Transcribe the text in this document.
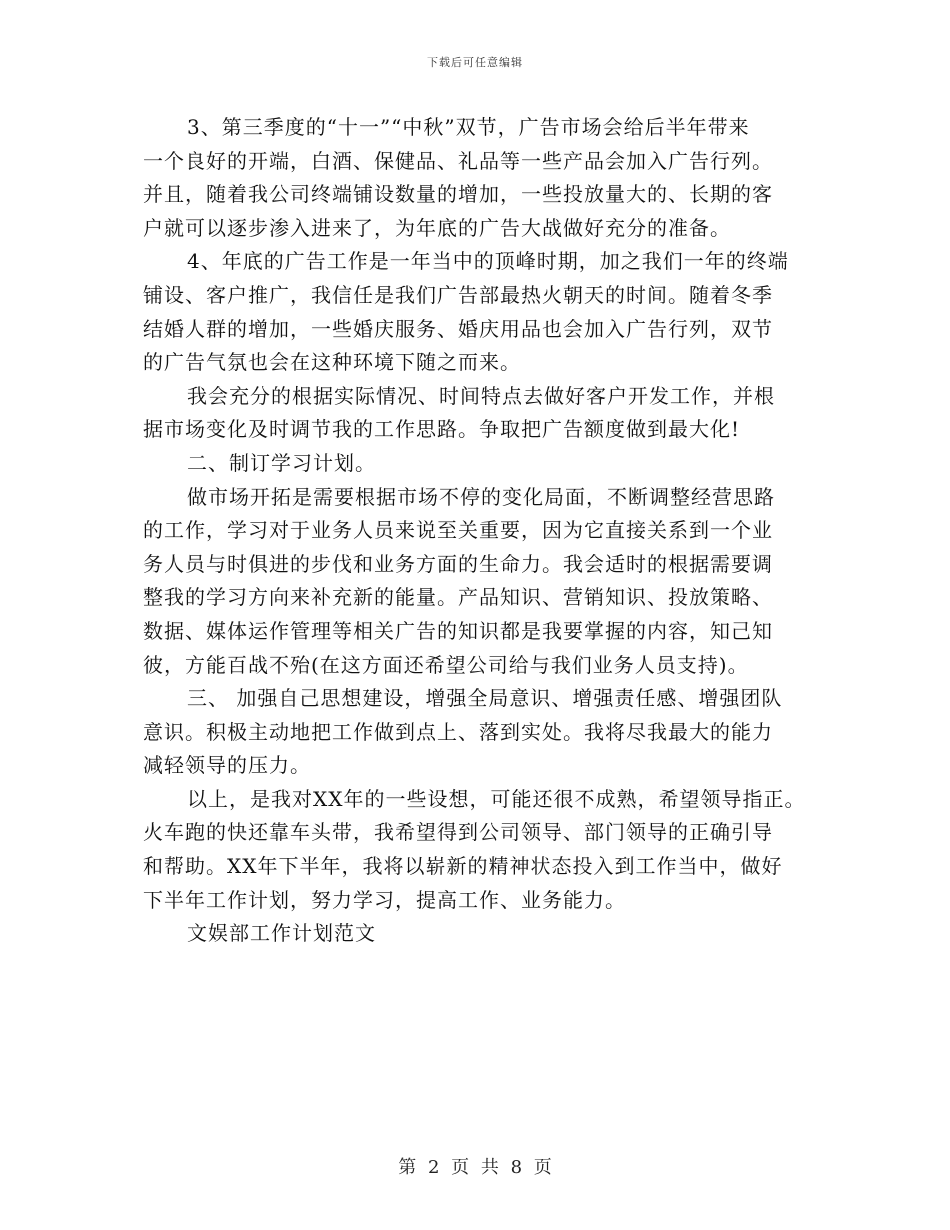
下载后可任意编辑
3、第三季度的“十一”“中秋”双节，广告市场会给后半年带来
一个良好的开端，白酒、保健品、礼品等一些产品会加入广告行列。
并且，随着我公司终端铺设数量的增加，一些投放量大的、长期的客
户就可以逐步渗入进来了，为年底的广告大战做好充分的准备。
4、年底的广告工作是一年当中的顶峰时期，加之我们一年的终端
铺设、客户推广，我信任是我们广告部最热火朝天的时间。随着冬季
结婚人群的增加，一些婚庆服务、婚庆用品也会加入广告行列，双节
的广告气氛也会在这种环境下随之而来。
我会充分的根据实际情况、时间特点去做好客户开发工作，并根
据市场变化及时调节我的工作思路。争取把广告额度做到最大化!
二、制订学习计划。
做市场开拓是需要根据市场不停的变化局面，不断调整经营思路
的工作，学习对于业务人员来说至关重要，因为它直接关系到一个业
务人员与时俱进的步伐和业务方面的生命力。我会适时的根据需要调
整我的学习方向来补充新的能量。产品知识、营销知识、投放策略、
数据、媒体运作管理等相关广告的知识都是我要掌握的内容，知己知
彼，方能百战不殆(在这方面还希望公司给与我们业务人员支持)。
三、 加强自己思想建设，增强全局意识、增强责任感、增强团队
意识。积极主动地把工作做到点上、落到实处。我将尽我最大的能力
减轻领导的压力。
以上，是我对XX年的一些设想，可能还很不成熟，希望领导指正。
火车跑的快还靠车头带，我希望得到公司领导、部门领导的正确引导
和帮助。XX年下半年，我将以崭新的精神状态投入到工作当中，做好
下半年工作计划，努力学习，提高工作、业务能力。
文娱部工作计划范文
第 2 页 共 8 页
